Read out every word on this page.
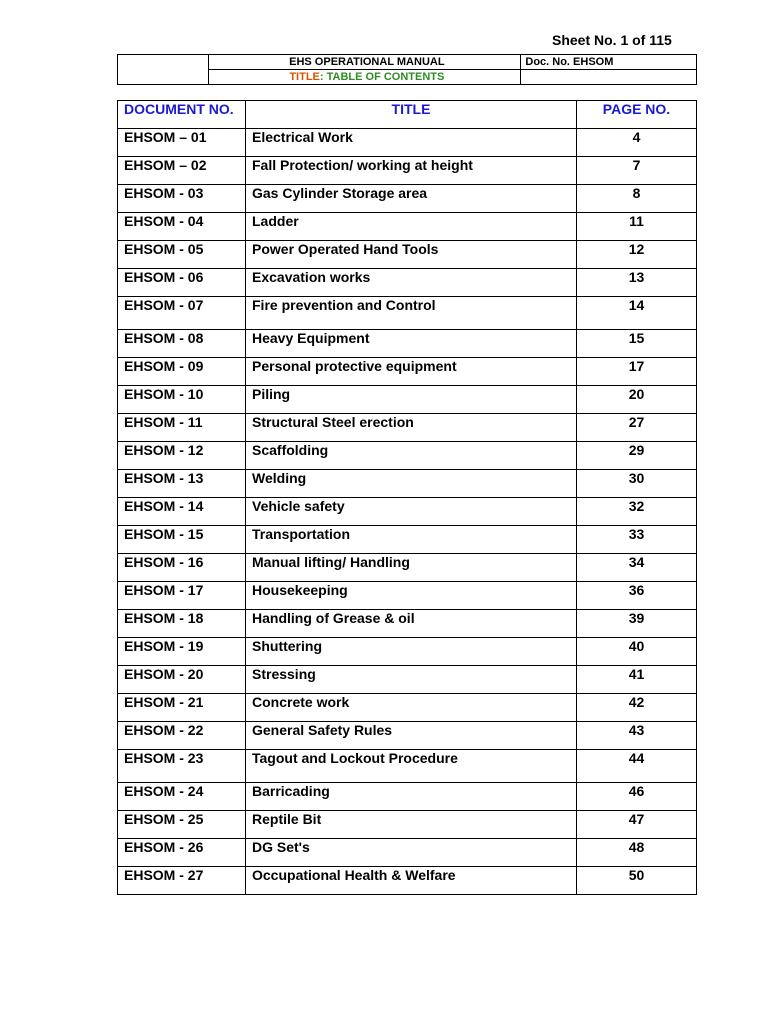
Sheet No. 1 of 115
	EHS OPERATIONAL MANUAL	Doc. No. EHSOM
	TITLE: TABLE OF CONTENTS	
DOCUMENT NO.	TITLE	PAGE NO.
EHSOM – 01	Electrical Work	4
EHSOM – 02	Fall Protection/ working at height	7
EHSOM - 03	Gas Cylinder Storage area	8
EHSOM - 04	Ladder	11
EHSOM - 05	Power Operated Hand Tools	12
EHSOM - 06	Excavation works	13
EHSOM - 07	Fire prevention and Control	14
EHSOM - 08	Heavy Equipment	15
EHSOM - 09	Personal protective equipment	17
EHSOM - 10	Piling	20
EHSOM - 11	Structural Steel erection	27
EHSOM - 12	Scaffolding	29
EHSOM - 13	Welding	30
EHSOM - 14	Vehicle safety	32
EHSOM - 15	Transportation	33
EHSOM - 16	Manual lifting/ Handling	34
EHSOM - 17	Housekeeping	36
EHSOM - 18	Handling of Grease & oil	39
EHSOM - 19	Shuttering	40
EHSOM - 20	Stressing	41
EHSOM - 21	Concrete work	42
EHSOM - 22	General Safety Rules	43
EHSOM - 23	Tagout and Lockout Procedure	44
EHSOM - 24	Barricading	46
EHSOM - 25	Reptile Bit	47
EHSOM - 26	DG Set's	48
EHSOM - 27	Occupational Health & Welfare	50
